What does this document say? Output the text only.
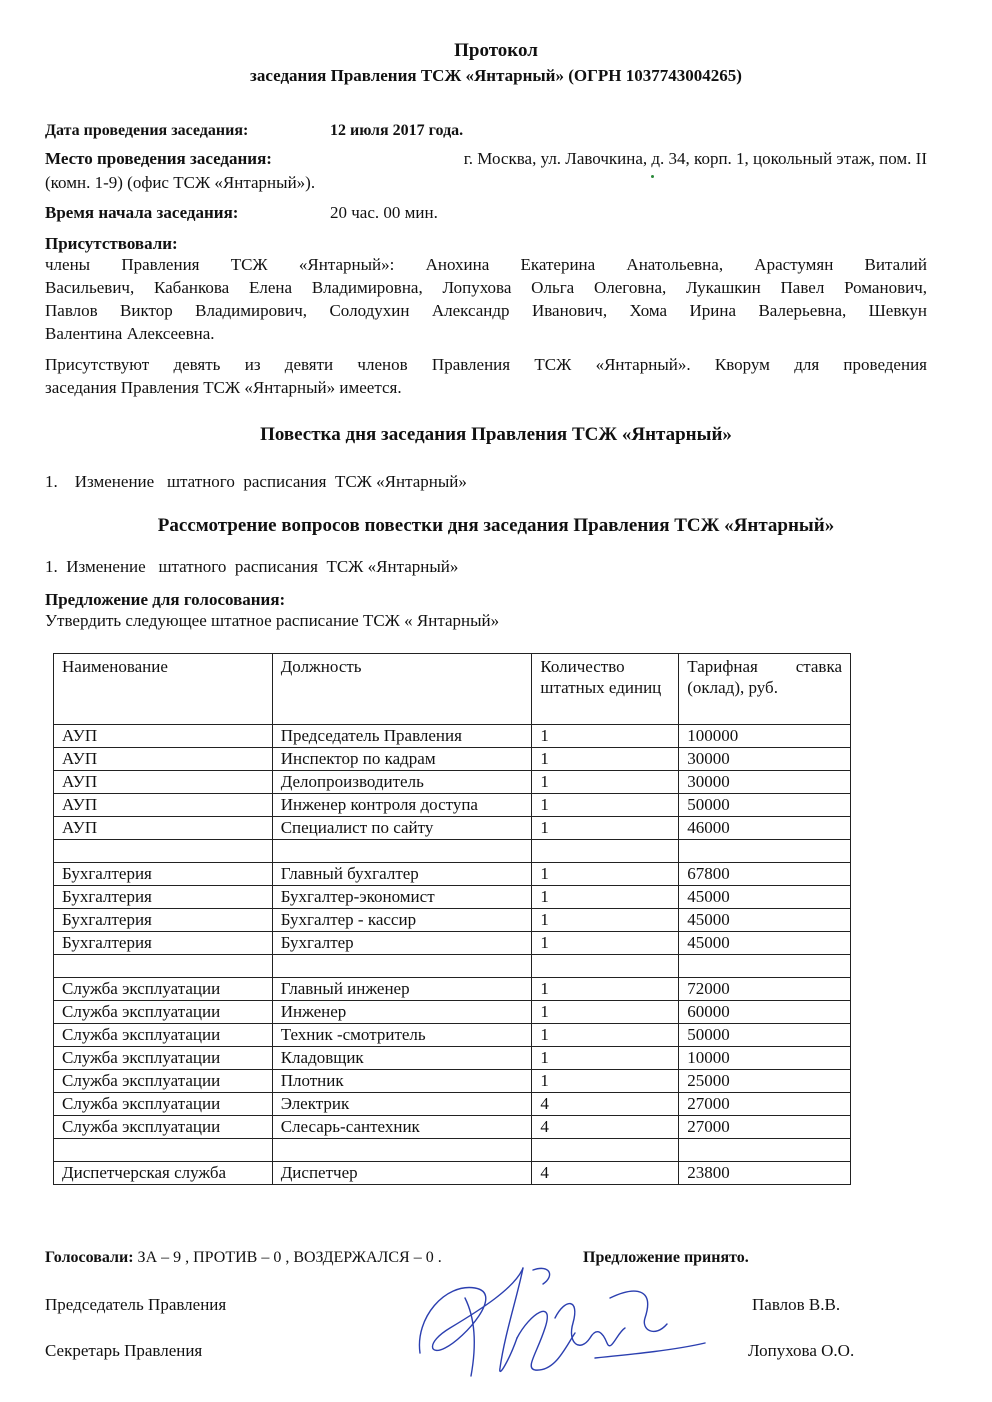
Протокол
заседания Правления ТСЖ «Янтарный» (ОГРН 1037743004265)
Дата проведения заседания:	12 июля 2017 года.
Место проведения заседания:	г. Москва, ул. Лавочкина, д. 34, корп. 1, цокольный этаж, пом. II
(комн. 1-9) (офис ТСЖ «Янтарный»).
Время начала заседания:	20 час. 00 мин.
Присутствовали:
члены Правления ТСЖ «Янтарный»: Анохина Екатерина Анатольевна, Арастумян Виталий
Васильевич, Кабанкова Елена Владимировна, Лопухова Ольга Олеговна, Лукашкин Павел Романович,
Павлов Виктор Владимирович, Солодухин Александр Иванович, Хома Ирина Валерьевна, Шевкун
Валентина Алексеевна.
Присутствуют девять из девяти членов Правления ТСЖ «Янтарный». Кворум для проведения
заседания Правления ТСЖ «Янтарный» имеется.
Повестка дня заседания Правления ТСЖ «Янтарный»
1.    Изменение   штатного  расписания  ТСЖ «Янтарный»
Рассмотрение вопросов повестки дня заседания Правления ТСЖ «Янтарный»
1.  Изменение   штатного  расписания  ТСЖ «Янтарный»
Предложение для голосования:
Утвердить следующее штатное расписание ТСЖ « Янтарный»
Наименование	Должность	Количество штатных единиц	Тарифная ставка (оклад), руб.
АУП	Председатель Правления	1	100000
АУП	Инспектор по кадрам	1	30000
АУП	Делопроизводитель	1	30000
АУП	Инженер контроля доступа	1	50000
АУП	Специалист по сайту	1	46000

Бухгалтерия	Главный бухгалтер	1	67800
Бухгалтерия	Бухгалтер-экономист	1	45000
Бухгалтерия	Бухгалтер - кассир	1	45000
Бухгалтерия	Бухгалтер	1	45000

Служба эксплуатации	Главный инженер	1	72000
Служба эксплуатации	Инженер	1	60000
Служба эксплуатации	Техник -смотритель	1	50000
Служба эксплуатации	Кладовщик	1	10000
Служба эксплуатации	Плотник	1	25000
Служба эксплуатации	Электрик	4	27000
Служба эксплуатации	Слесарь-сантехник	4	27000

Диспетчерская служба	Диспетчер	4	23800
Голосовали: ЗА – 9 , ПРОТИВ – 0 , ВОЗДЕРЖАЛСЯ – 0 .	Предложение принято.
Председатель Правления	Павлов В.В.
Секретарь Правления	Лопухова О.О.
